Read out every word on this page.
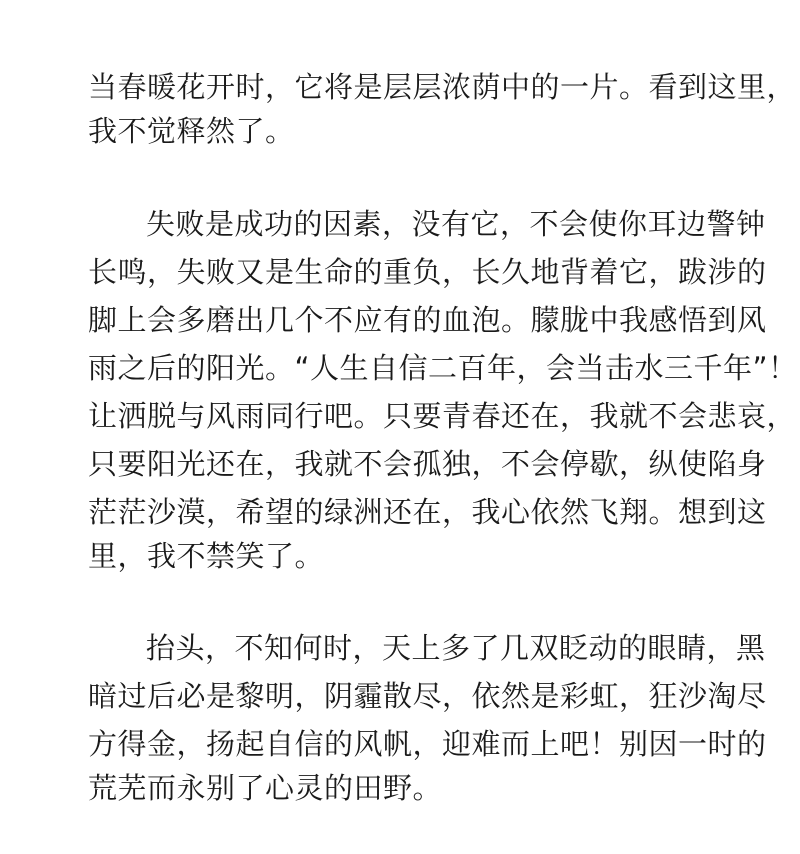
当春暖花开时，它将是层层浓荫中的一片。看到这里，
我不觉释然了。
失败是成功的因素，没有它，不会使你耳边警钟
长鸣，失败又是生命的重负，长久地背着它，跋涉的
脚上会多磨出几个不应有的血泡。朦胧中我感悟到风
雨之后的阳光。“人生自信二百年，会当击水三千年”！
让洒脱与风雨同行吧。只要青春还在，我就不会悲哀，
只要阳光还在，我就不会孤独，不会停歇，纵使陷身
茫茫沙漠，希望的绿洲还在，我心依然飞翔。想到这
里，我不禁笑了。
抬头，不知何时，天上多了几双眨动的眼睛，黑
暗过后必是黎明，阴霾散尽，依然是彩虹，狂沙淘尽
方得金，扬起自信的风帆，迎难而上吧！别因一时的
荒芜而永别了心灵的田野。
